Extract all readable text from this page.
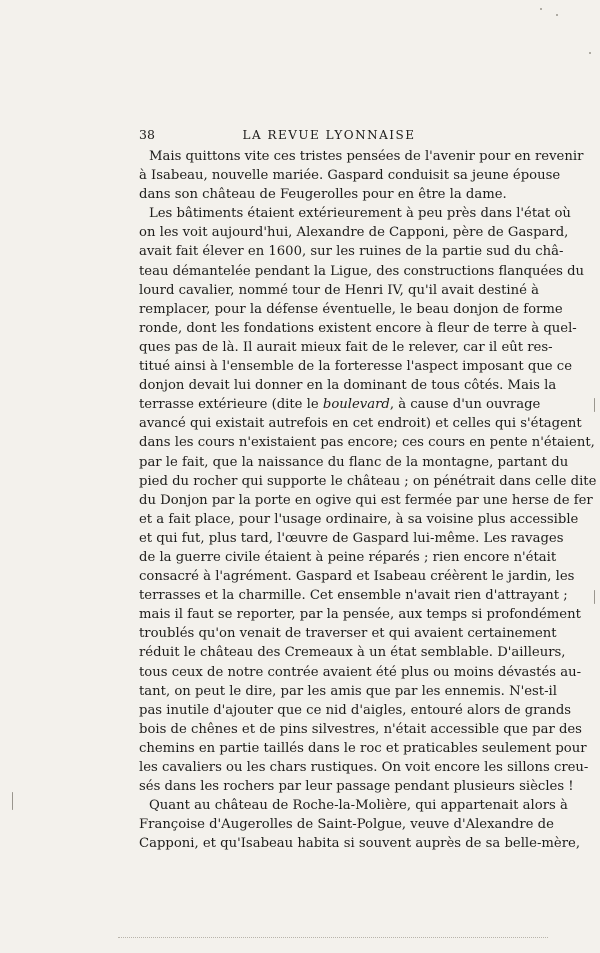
38	LA REVUE LYONNAISE
Mais quittons vite ces tristes pensées de l'avenir pour en revenir
à Isabeau, nouvelle mariée. Gaspard conduisit sa jeune épouse
dans son château de Feugerolles pour en être la dame.
Les bâtiments étaient extérieurement à peu près dans l'état où
on les voit aujourd'hui, Alexandre de Capponi, père de Gaspard,
avait fait élever en 1600, sur les ruines de la partie sud du châ-
teau démantelée pendant la Ligue, des constructions flanquées du
lourd cavalier, nommé tour de Henri IV, qu'il avait destiné à
remplacer, pour la défense éventuelle, le beau donjon de forme
ronde, dont les fondations existent encore à fleur de terre à quel-
ques pas de là. Il aurait mieux fait de le relever, car il eût res-
titué ainsi à l'ensemble de la forteresse l'aspect imposant que ce
donjon devait lui donner en la dominant de tous côtés. Mais la
terrasse extérieure (dite le boulevard, à cause d'un ouvrage
avancé qui existait autrefois en cet endroit) et celles qui s'étagent
dans les cours n'existaient pas encore; ces cours en pente n'étaient,
par le fait, que la naissance du flanc de la montagne, partant du
pied du rocher qui supporte le château ; on pénétrait dans celle dite
du Donjon par la porte en ogive qui est fermée par une herse de fer
et a fait place, pour l'usage ordinaire, à sa voisine plus accessible
et qui fut, plus tard, l'œuvre de Gaspard lui-même. Les ravages
de la guerre civile étaient à peine réparés ; rien encore n'était
consacré à l'agrément. Gaspard et Isabeau créèrent le jardin, les
terrasses et la charmille. Cet ensemble n'avait rien d'attrayant ;
mais il faut se reporter, par la pensée, aux temps si profondément
troublés qu'on venait de traverser et qui avaient certainement
réduit le château des Cremeaux à un état semblable. D'ailleurs,
tous ceux de notre contrée avaient été plus ou moins dévastés au-
tant, on peut le dire, par les amis que par les ennemis. N'est-il
pas inutile d'ajouter que ce nid d'aigles, entouré alors de grands
bois de chênes et de pins silvestres, n'était accessible que par des
chemins en partie taillés dans le roc et praticables seulement pour
les cavaliers ou les chars rustiques. On voit encore les sillons creu-
sés dans les rochers par leur passage pendant plusieurs siècles !
Quant au château de Roche-la-Molière, qui appartenait alors à
Françoise d'Augerolles de Saint-Polgue, veuve d'Alexandre de
Capponi, et qu'Isabeau habita si souvent auprès de sa belle-mère,
